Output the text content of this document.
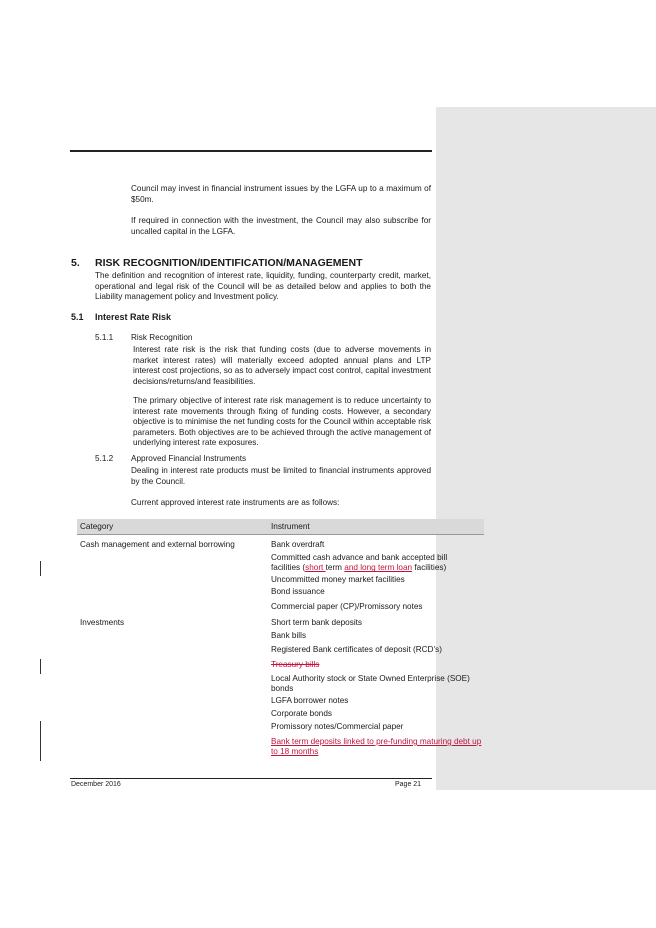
Council may invest in financial instrument issues by the LGFA up to a maximum of $50m.
If required in connection with the investment, the Council may also subscribe for uncalled capital in the LGFA.
5. RISK RECOGNITION/IDENTIFICATION/MANAGEMENT
The definition and recognition of interest rate, liquidity, funding, counterparty credit, market, operational and legal risk of the Council will be as detailed below and applies to both the Liability management policy and Investment policy.
5.1 Interest Rate Risk
5.1.1 Risk Recognition
Interest rate risk is the risk that funding costs (due to adverse movements in market interest rates) will materially exceed adopted annual plans and LTP interest cost projections, so as to adversely impact cost control, capital investment decisions/returns/and feasibilities.
The primary objective of interest rate risk management is to reduce uncertainty to interest rate movements through fixing of funding costs. However, a secondary objective is to minimise the net funding costs for the Council within acceptable risk parameters. Both objectives are to be achieved through the active management of underlying interest rate exposures.
5.1.2 Approved Financial Instruments
Dealing in interest rate products must be limited to financial instruments approved by the Council.
Current approved interest rate instruments are as follows:
Category	Instrument
Cash management and external borrowing
Investments
Bank overdraft
Committed cash advance and bank accepted bill facilities (short term and long term loan facilities)
Uncommitted money market facilities
Bond issuance
Commercial paper (CP)/Promissory notes
Short term bank deposits
Bank bills
Registered Bank certificates of deposit (RCD’s)
Treasury bills
Local Authority stock or State Owned Enterprise (SOE) bonds
LGFA borrower notes
Corporate bonds
Promissory notes/Commercial paper
Bank term deposits linked to pre-funding maturing debt up to 18 months
December 2016	Page 21
